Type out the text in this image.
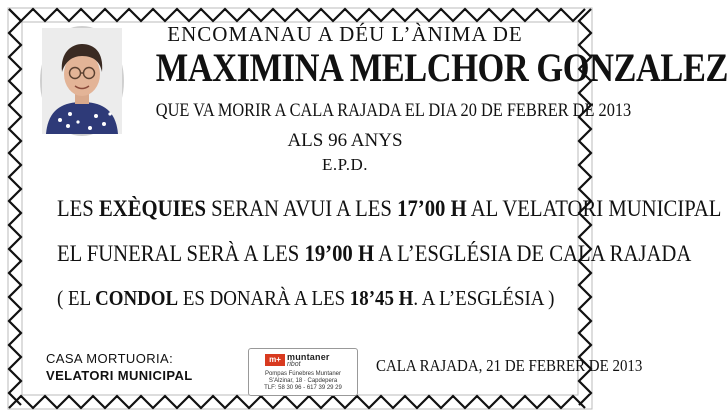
ENCOMANAU A DÉU L’ÀNIMA DE
MAXIMINA MELCHOR GONZALEZ
QUE VA MORIR A CALA RAJADA EL DIA 20 DE FEBRER DE 2013
ALS 96 ANYS
E.P.D.
LES EXÈQUIES SERAN AVUI A LES 17’00 H AL VELATORI MUNICIPAL
EL FUNERAL SERÀ A LES 19’00 H A L’ESGLÉSIA DE CALA RAJADA
( EL CONDOL ES DONARÀ A LES 18’45 H. A L’ESGLÉSIA )
CASA MORTUORIA:
VELATORI MUNICIPAL
m+ muntaner
ribot
Pompas Fúnebres Muntaner
S’Alzinar, 18 · Capdepera
TLF: 58 30 96 - 617 39 29 29
CALA RAJADA, 21 DE FEBRER DE 2013
